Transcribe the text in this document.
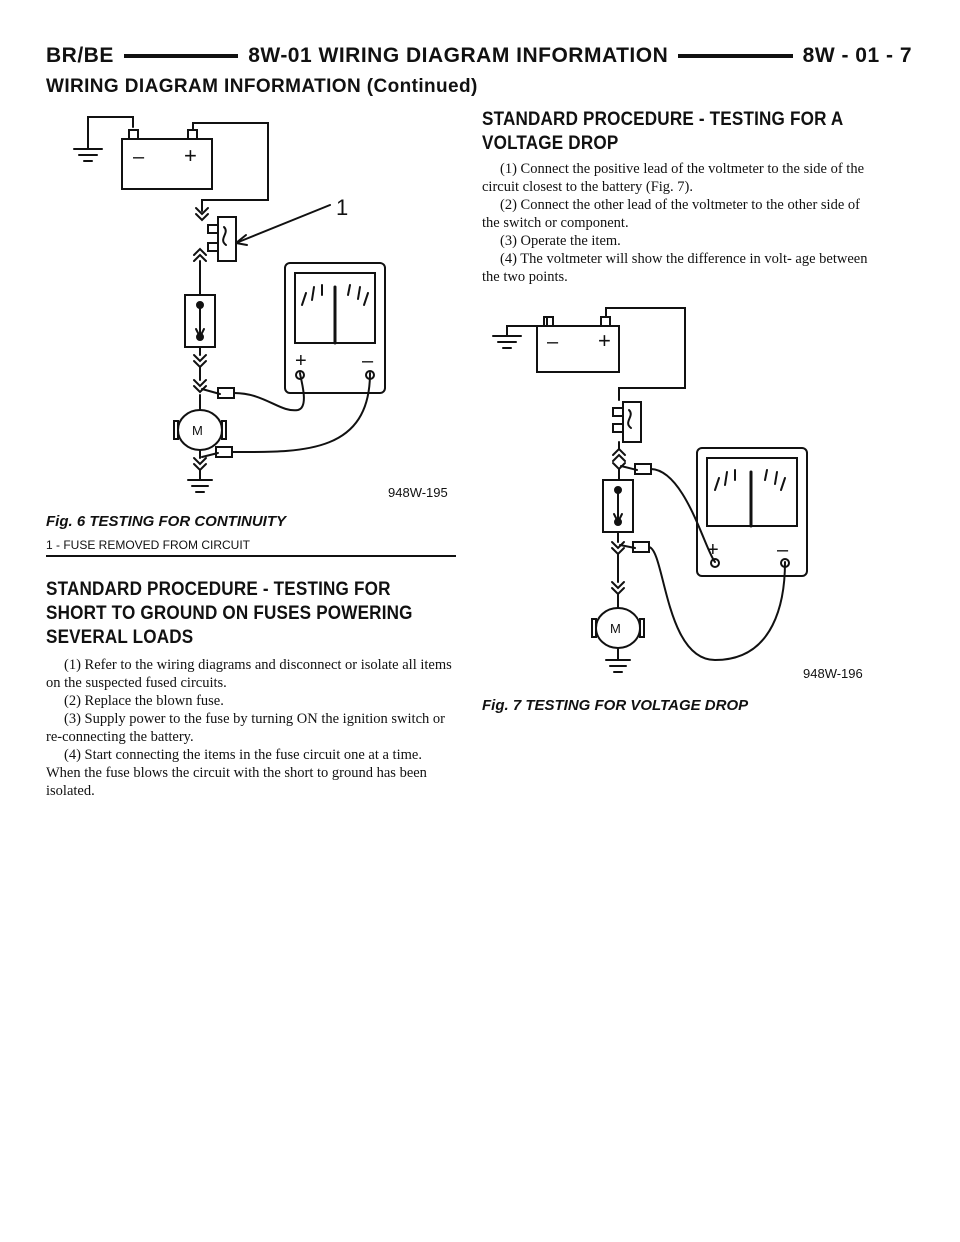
BR/BE	8W-01 WIRING DIAGRAM INFORMATION	8W - 01 - 7
WIRING DIAGRAM INFORMATION (Continued)
– +
1
M
+	–
948W-195
Fig. 6 TESTING FOR CONTINUITY
1 - FUSE REMOVED FROM CIRCUIT
STANDARD PROCEDURE - TESTING FOR
SHORT TO GROUND ON FUSES POWERING
SEVERAL LOADS

(1) Refer to the wiring diagrams and disconnect or isolate all items on the suspected fused circuits.

(2) Replace the blown fuse.

(3) Supply power to the fuse by turning ON the ignition switch or re-connecting the battery.

(4) Start connecting the items in the fuse circuit one at a time. When the fuse blows the circuit with the short to ground has been isolated.

STANDARD PROCEDURE - TESTING FOR A
VOLTAGE DROP

(1) Connect the positive lead of the voltmeter to the side of the circuit closest to the battery (Fig. 7).

(2) Connect the other lead of the voltmeter to the other side of the switch or component.

(3) Operate the item.

(4) The voltmeter will show the difference in volt- age between the two points.

– +
M
+	–
948W-196
Fig. 7 TESTING FOR VOLTAGE DROP
